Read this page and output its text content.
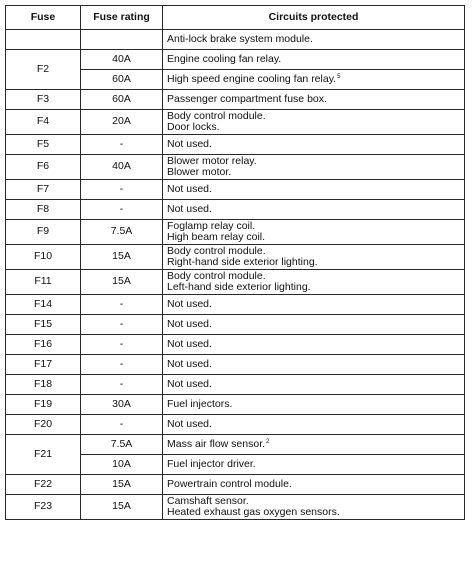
Fuse	Fuse rating	Circuits protected

		Anti-lock brake system module.

F2	40A	Engine cooling fan relay.

	60A	High speed engine cooling fan relay.$^5$

F3	60A	Passenger compartment fuse box.

F4	20A	Body control module.
Door locks.

F5	-	Not used.

F6	40A	Blower motor relay.
Blower motor.

F7	-	Not used.

F8	-	Not used.

F9	7.5A	Foglamp relay coil.
High beam relay coil.

F10	15A	Body control module.
Right-hand side exterior lighting.

F11	15A	Body control module.
Left-hand side exterior lighting.

F14	-	Not used.

F15	-	Not used.

F16	-	Not used.

F17	-	Not used.

F18	-	Not used.

F19	30A	Fuel injectors.

F20	-	Not used.

F21	7.5A	Mass air flow sensor.$^2$

	10A	Fuel injector driver.

F22	15A	Powertrain control module.

F23	15A	Camshaft sensor.
Heated exhaust gas oxygen sensors.
